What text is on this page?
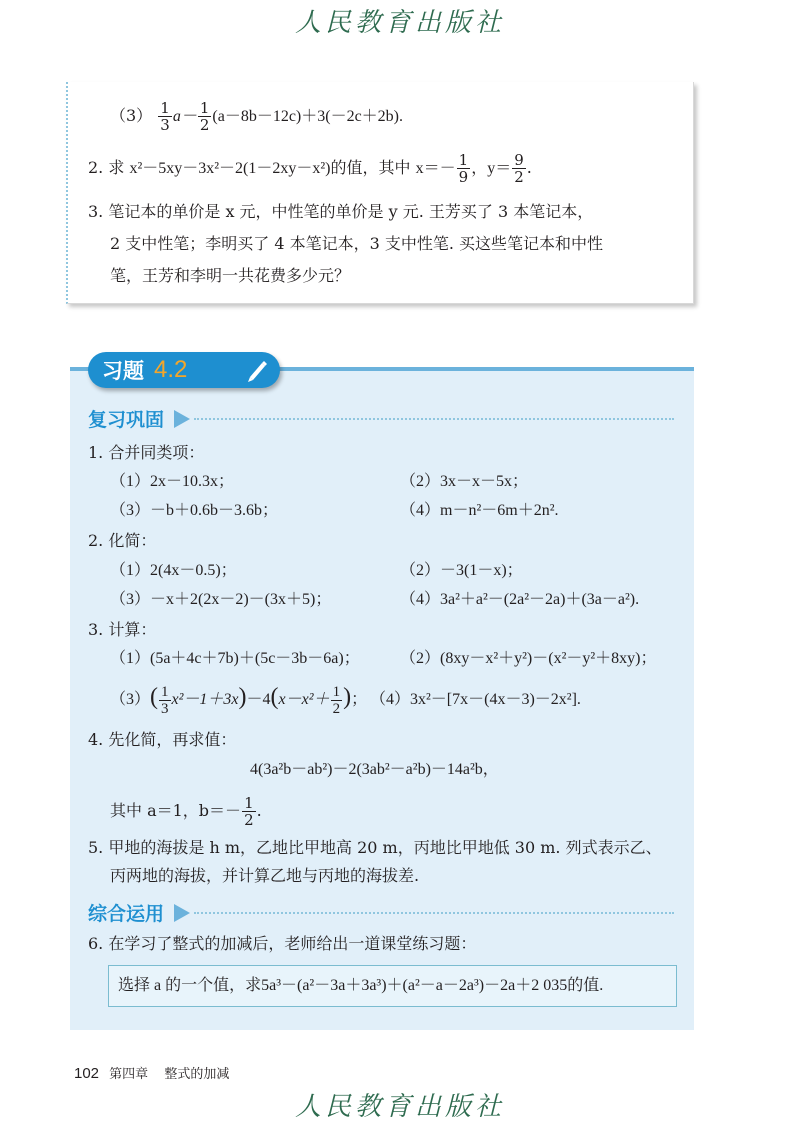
人民教育出版社
$(3) \frac{1}{3} a- \frac{1}{2} (a-8b-12c)+3(-2c+2b)$.
2. 求 x²－5xy－3x²－2(1－2xy－x²)的值，其中 $x=- \frac{1}{9}$ ，$y= \frac{9}{2}$ .
3. 笔记本的单价是 x 元，中性笔的单价是 y 元. 王芳买了 3 本笔记本，
2 支中性笔；李明买了 4 本笔记本，3 支中性笔. 买这些笔记本和中性
笔，王芳和李明一共花费多少元？
习题 4.2
复习巩固
1. 合并同类项：
（1）2x－10.3x；	（2）3x－x－5x；
（3）－b＋0.6b－3.6b；	（4）m－n²－6m＋2n².
2. 化简：
（1）2(4x－0.5)；	（2）－3(1－x)；
（3）－x＋2(2x－2)－(3x＋5)；	（4）3a²＋a²－(2a²－2a)＋(3a－a²).
3. 计算：
（1）(5a＋4c＋7b)＋(5c－3b－6a)；	（2）(8xy－x²＋y²)－(x²－y²＋8xy)；
$(3)( \frac{1}{3} x^2-1+3x)-4(x-x^2+ \frac{1}{2}$ )； （4）3x²－[7x－(4x－3)－2x²].
4. 先化简，再求值：
4(3a²b－ab²)－2(3ab²－a²b)－14a²b，
其中 a＝1，$b=- \frac{1}{2}$ .
5. 甲地的海拔是 h m，乙地比甲地高 20 m，丙地比甲地低 30 m. 列式表示乙、
丙两地的海拔，并计算乙地与丙地的海拔差.
综合运用
6. 在学习了整式的加减后，老师给出一道课堂练习题：
选择 a 的一个值，求5a³－(a²－3a＋3a³)＋(a²－a－2a³)－2a＋2 035的值.
102 第四章 整式的加减
人民教育出版社
